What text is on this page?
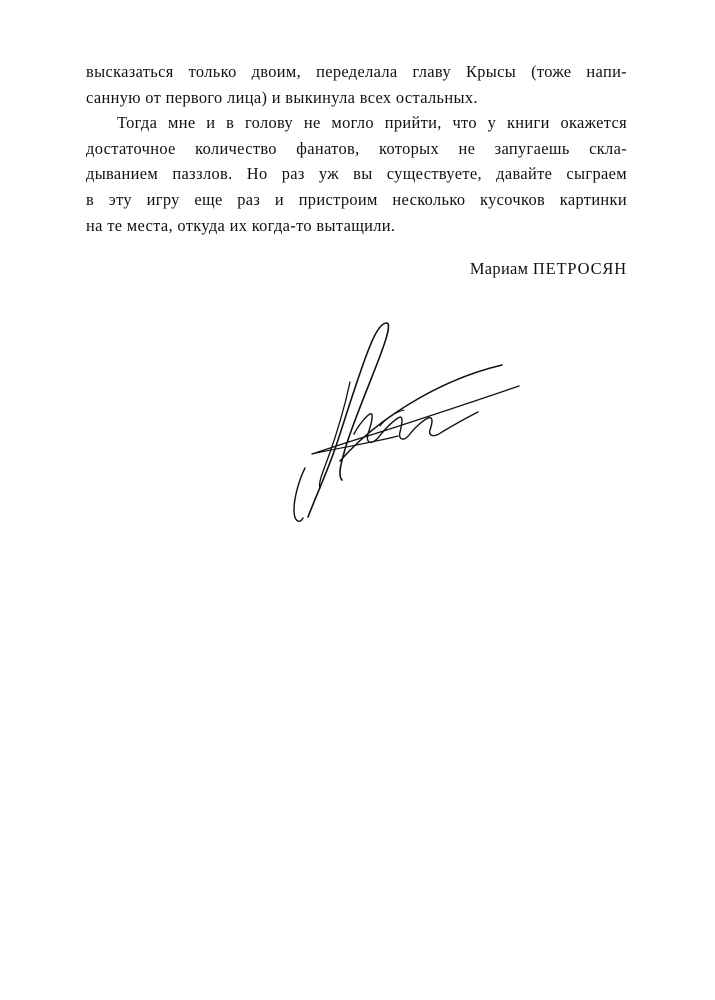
высказаться только двоим, переделала главу Крысы (тоже напи-
санную от первого лица) и выкинула всех остальных.

Тогда мне и в голову не могло прийти, что у книги окажется
достаточное количество фанатов, которых не запугаешь скла-
дыванием паззлов. Но раз уж вы существуете, давайте сыграем
в эту игру еще раз и пристроим несколько кусочков картинки
на те места, откуда их когда-то вытащили.

Мариам ПЕТРОСЯН
